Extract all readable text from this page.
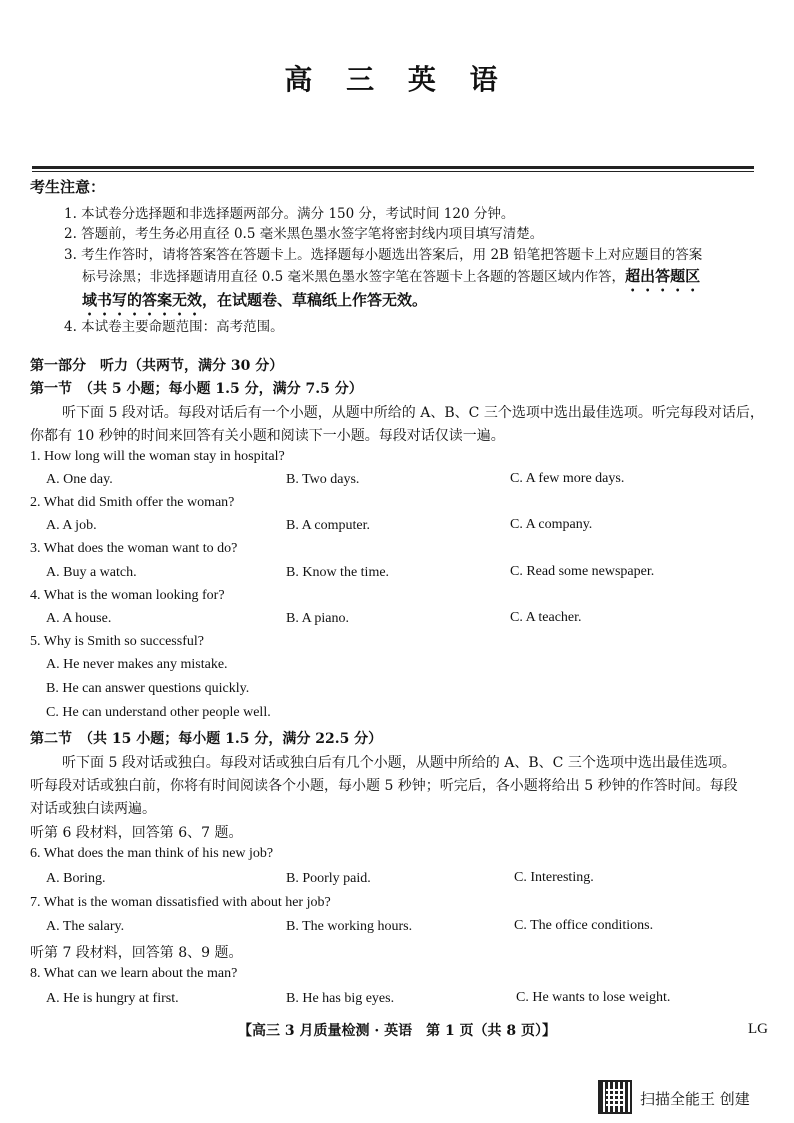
高 三 英 语
考生注意：
1. 本试卷分选择题和非选择题两部分。满分 150 分，考试时间 120 分钟。
2. 答题前，考生务必用直径 0.5 毫米黑色墨水签字笔将密封线内项目填写清楚。
3. 考生作答时，请将答案答在答题卡上。选择题每小题选出答案后，用 2B 铅笔把答题卡上对应题目的答案
标号涂黑；非选择题请用直径 0.5 毫米黑色墨水签字笔在答题卡上各题的答题区域内作答，超出答题区
域书写的答案无效，在试题卷、草稿纸上作答无效。
4. 本试卷主要命题范围：高考范围。
第一部分　听力（共两节，满分 30 分）
第一节　（共 5 小题；每小题 1.5 分，满分 7.5 分）
听下面 5 段对话。每段对话后有一个小题，从题中所给的 A、B、C 三个选项中选出最佳选项。听完每段对话后，
你都有 10 秒钟的时间来回答有关小题和阅读下一小题。每段对话仅读一遍。
1. How long will the woman stay in hospital?
A. One day.	B. Two days.	C. A few more days.
2. What did Smith offer the woman?
A. A job.	B. A computer.	C. A company.
3. What does the woman want to do?
A. Buy a watch.	B. Know the time.	C. Read some newspaper.
4. What is the woman looking for?
A. A house.	B. A piano.	C. A teacher.
5. Why is Smith so successful?
A. He never makes any mistake.
B. He can answer questions quickly.
C. He can understand other people well.
第二节　（共 15 小题；每小题 1.5 分，满分 22.5 分）
听下面 5 段对话或独白。每段对话或独白后有几个小题，从题中所给的 A、B、C 三个选项中选出最佳选项。
听每段对话或独白前，你将有时间阅读各个小题，每小题 5 秒钟；听完后，各小题将给出 5 秒钟的作答时间。每段
对话或独白读两遍。
听第 6 段材料，回答第 6、7 题。
6. What does the man think of his new job?
A. Boring.	B. Poorly paid.	C. Interesting.
7. What is the woman dissatisfied with about her job?
A. The salary.	B. The working hours.	C. The office conditions.
听第 7 段材料，回答第 8、9 题。
8. What can we learn about the man?
A. He is hungry at first.	B. He has big eyes.	C. He wants to lose weight.
【高三 3 月质量检测 · 英语　第 1 页（共 8 页）】	LG
扫描全能王 创建
